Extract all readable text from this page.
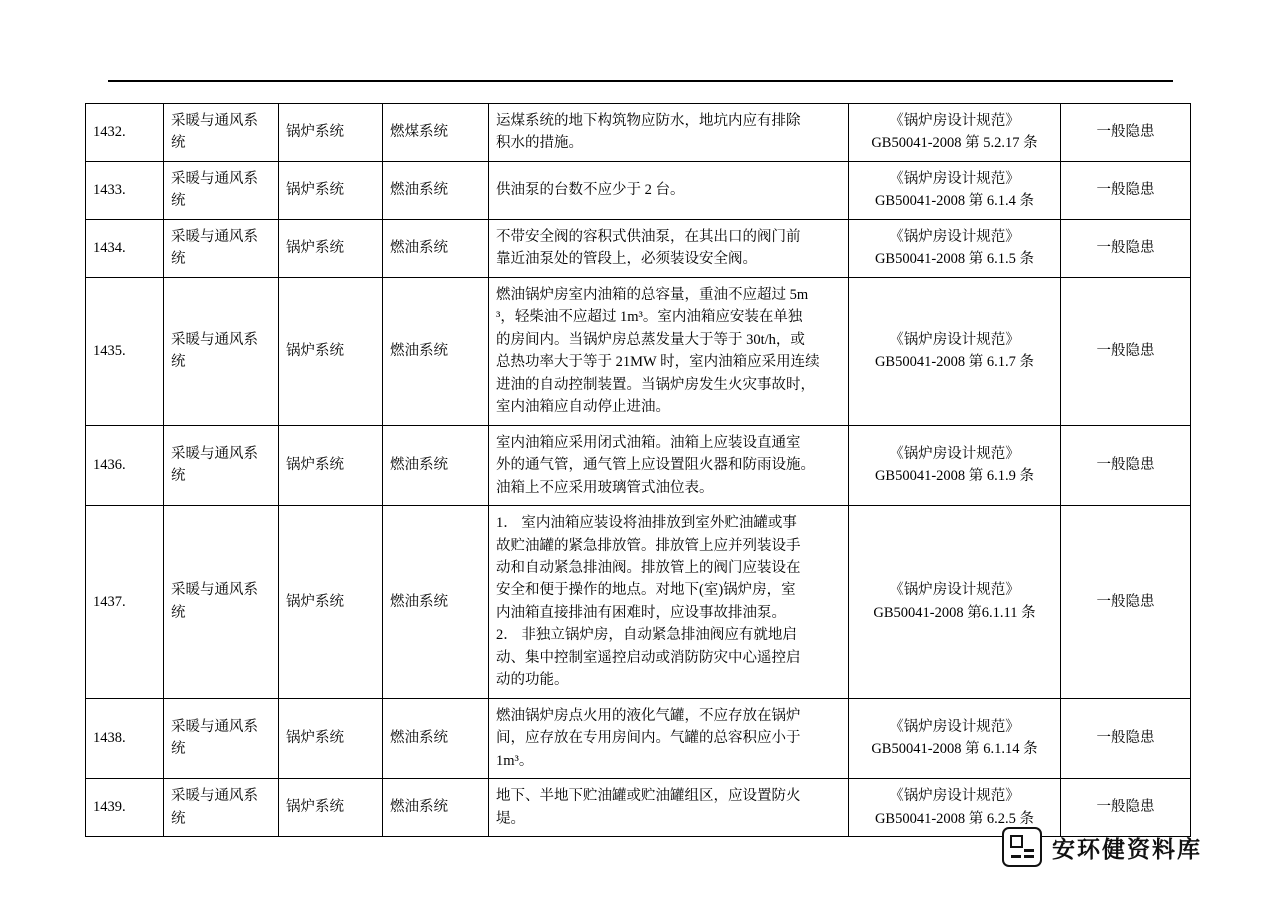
1432.	采暖与通风系统	锅炉系统	燃煤系统	运煤系统的地下构筑物应防水，地坑内应有排除
积水的措施。	《锅炉房设计规范》
GB50041-2008 第 5.2.17 条	一般隐患
1433.	采暖与通风系统	锅炉系统	燃油系统	供油泵的台数不应少于 2 台。	《锅炉房设计规范》
GB50041-2008 第 6.1.4 条	一般隐患
1434.	采暖与通风系统	锅炉系统	燃油系统	不带安全阀的容积式供油泵，在其出口的阀门前
靠近油泵处的管段上，必须装设安全阀。	《锅炉房设计规范》
GB50041-2008 第 6.1.5 条	一般隐患
1435.	采暖与通风系统	锅炉系统	燃油系统	
燃油锅炉房室内油箱的总容量，重油不应超过 5m
³，轻柴油不应超过 1m³。室内油箱应安装在单独
的房间内。当锅炉房总蒸发量大于等于 30t/h，或
总热功率大于等于 21MW 时，室内油箱应采用连续
进油的自动控制装置。当锅炉房发生火灾事故时，
室内油箱应自动停止进油。

《锅炉房设计规范》
GB50041-2008 第 6.1.7 条
	一般隐患
1436.	采暖与通风系统	锅炉系统	燃油系统	室内油箱应采用闭式油箱。油箱上应装设直通室
外的通气管，通气管上应设置阻火器和防雨设施。
油箱上不应采用玻璃管式油位表。	《锅炉房设计规范》
GB50041-2008 第 6.1.9 条	一般隐患
1437.	采暖与通风系统	锅炉系统	燃油系统	
1． 室内油箱应装设将油排放到室外贮油罐或事
故贮油罐的紧急排放管。排放管上应并列装设手
动和自动紧急排油阀。排放管上的阀门应装设在
安全和便于操作的地点。对地下(室)锅炉房，室
内油箱直接排油有困难时，应设事故排油泵。
2． 非独立锅炉房，自动紧急排油阀应有就地启
动、集中控制室遥控启动或消防防灾中心遥控启
动的功能。

《锅炉房设计规范》
GB50041-2008 第6.1.11 条
	一般隐患
1438.	采暖与通风系统	锅炉系统	燃油系统	燃油锅炉房点火用的液化气罐，不应存放在锅炉
间，应存放在专用房间内。气罐的总容积应小于
1m³。	《锅炉房设计规范》
GB50041-2008 第 6.1.14 条	一般隐患
1439.	采暖与通风系统	锅炉系统	燃油系统	地下、半地下贮油罐或贮油罐组区，应设置防火
堤。	《锅炉房设计规范》
GB50041-2008 第 6.2.5 条	一般隐患
安环健资料库
